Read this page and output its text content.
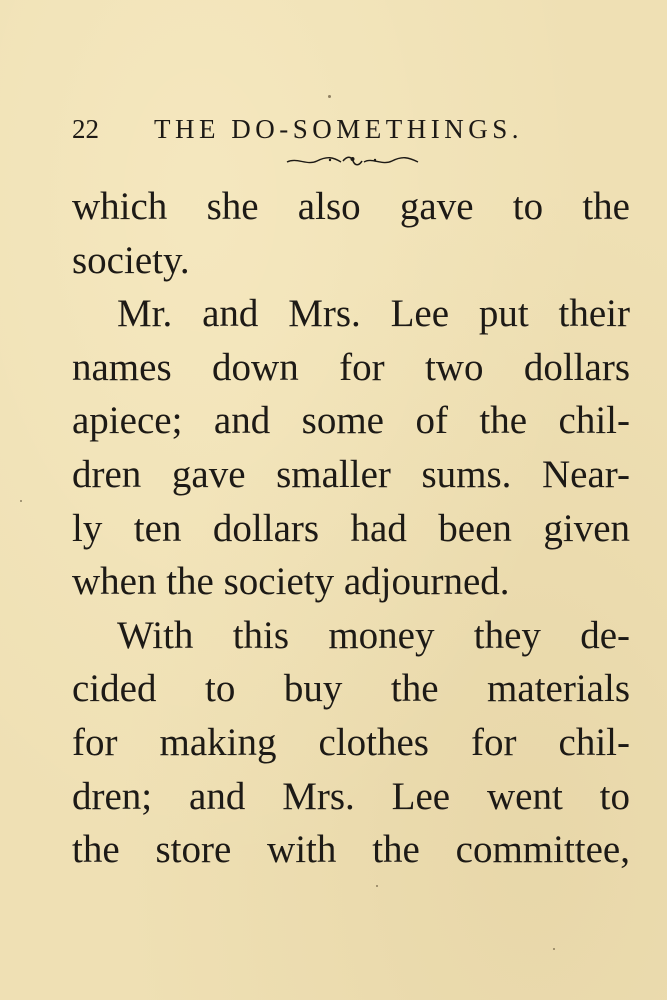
22 THE DO-SOMETHINGS.
which she also gave to the
society.
Mr. and Mrs. Lee put their
names down for two dollars
apiece; and some of the chil-
dren gave smaller sums. Near-
ly ten dollars had been given
when the society adjourned.
With this money they de-
cided to buy the materials
for making clothes for chil-
dren; and Mrs. Lee went to
the store with the committee,
